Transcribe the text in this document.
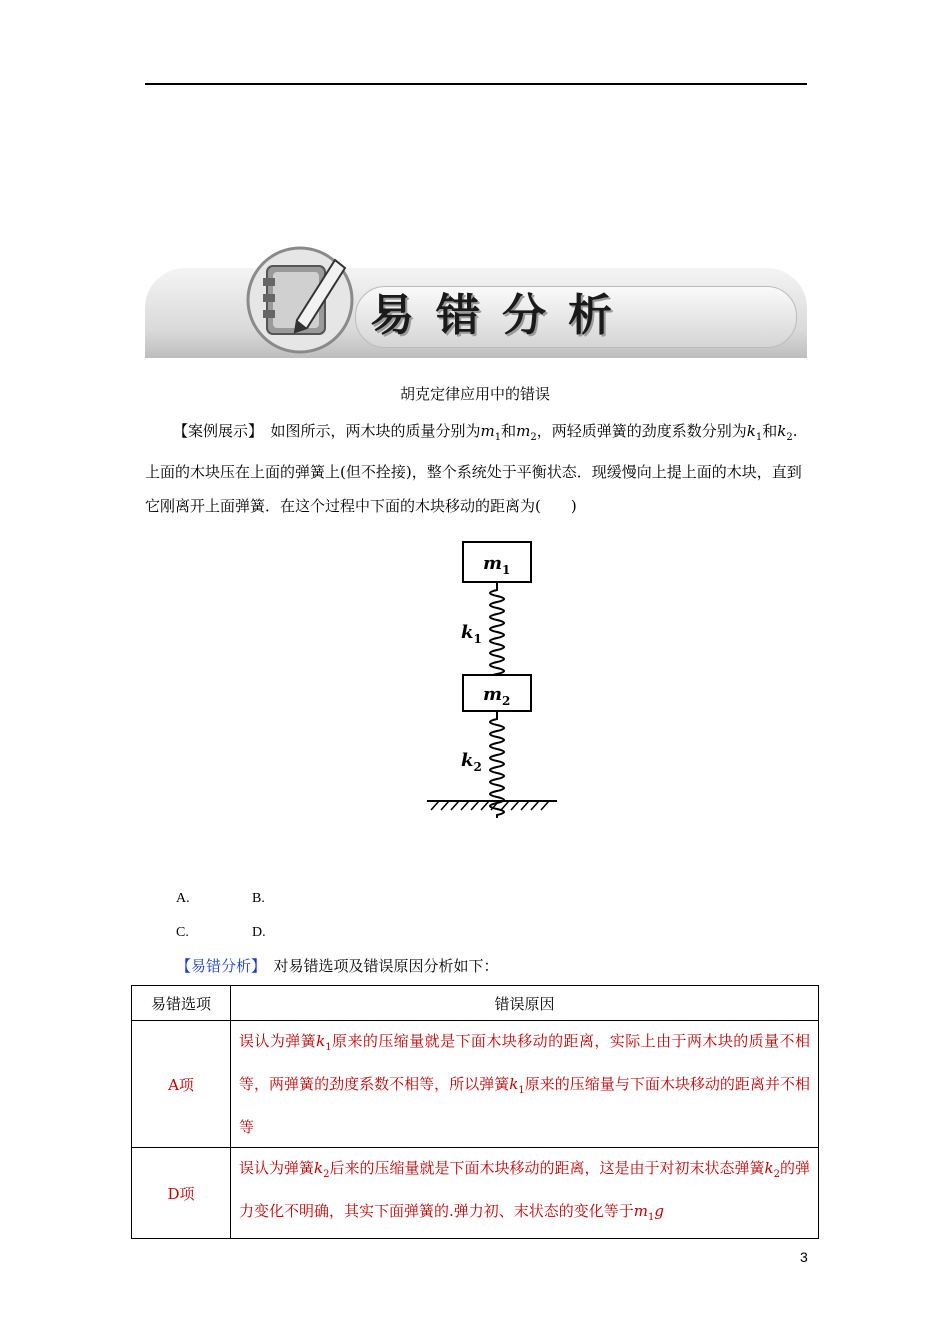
易错分析
胡克定律应用中的错误

【案例展示】　 如图所示，两木块的质量分别为$m_1$和$m_2$，两轻质弹簧的劲度系数分别为$k_1$和$k_2$.上面的木块压在上面的弹簧上(但不拴接)，整个系统处于平衡状态．现缓慢向上提上面的木块，直到它刚离开上面弹簧．在这个过程中下面的木块移动的距离为(　　)

$m_1$
$k_1$
$m_2$
$k_2$
A.	B.
C.	D.
【易错分析】　 对易错选项及错误原因分析如下：
易错选项	错误原因
A项	误认为弹簧$k_1$原来的压缩量就是下面木块移动的距离，实际上由于两木块的质量不相等，两弹簧的劲度系数不相等，所以弹簧$k_1$原来的压缩量与下面木块移动的距离并不相等

D项	误认为弹簧$k_2$后来的压缩量就是下面木块移动的距离，这是由于对初末状态弹簧$k_2$的弹力变化不明确，其实下面弹簧的.弹力初、末状态的变化等于$m_1g$
3
